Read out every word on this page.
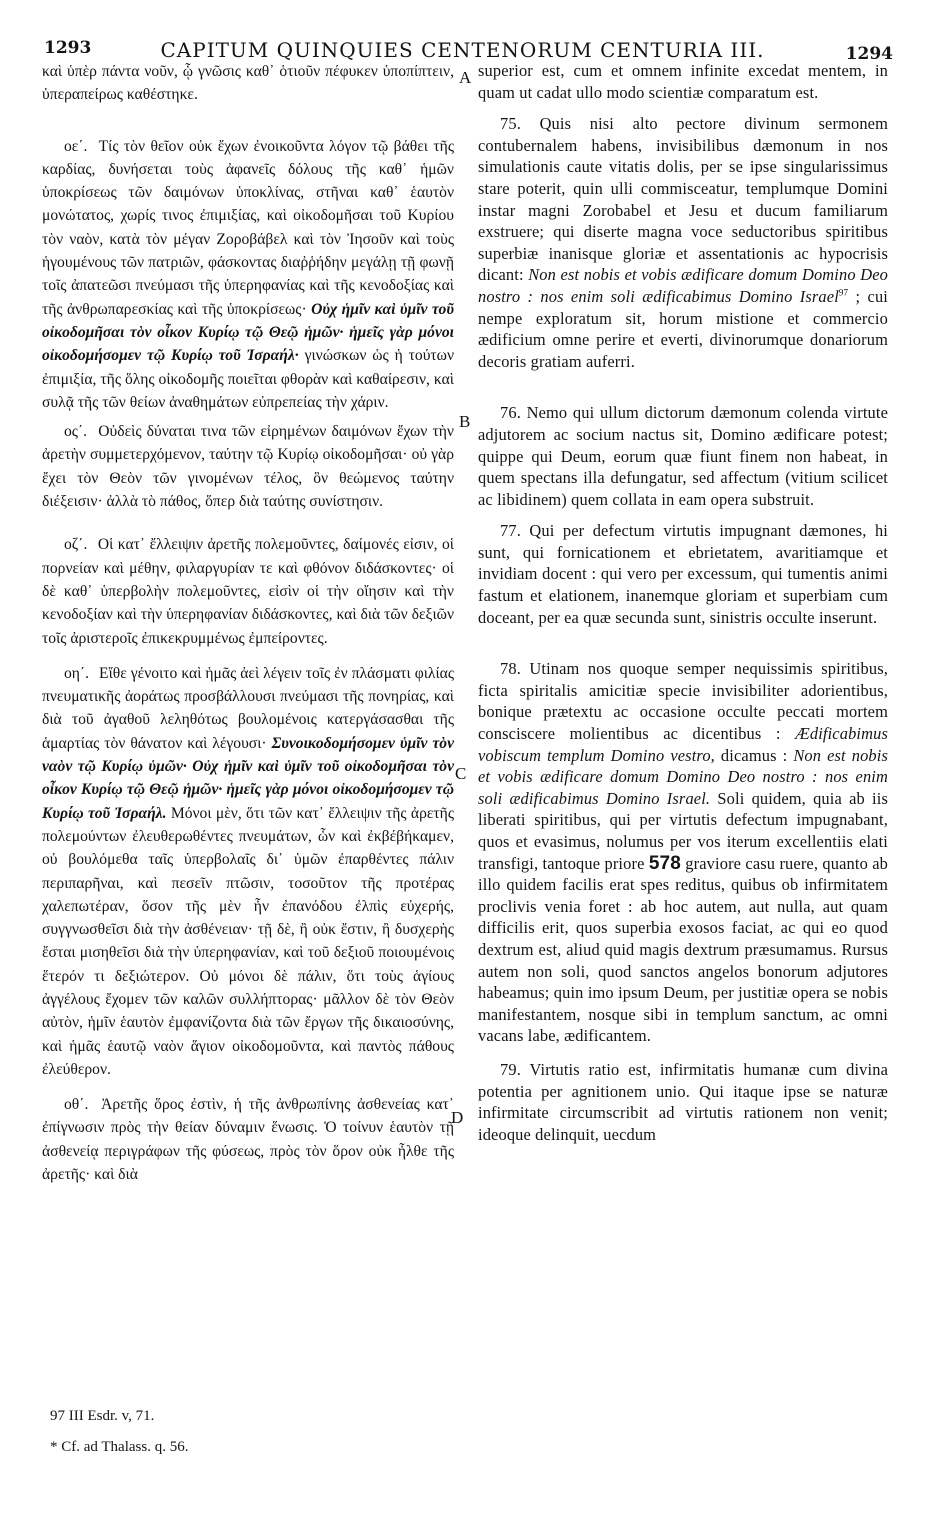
1293	CAPITUM QUINQUIES CENTENORUM CENTURIA III.	1294
A
B
C
D

καὶ ὑπὲρ πάντα νοῦν, ᾧ γνῶσις καθ᾽ ὁτιοῦν πέφυκεν ὑποπίπτειν, ὑπεραπείρως καθέστηκε.

οε΄. Τίς τὸν θεῖον οὐκ ἔχων ἐνοικοῦντα λόγον τῷ βάθει τῆς καρδίας, δυνήσεται τοὺς ἀφανεῖς δόλους τῆς καθ᾽ ἡμῶν ὑποκρίσεως τῶν δαιμόνων ὑποκλίνας, στῆναι καθ᾽ ἑαυτὸν μονώτατος, χωρίς τινος ἐπιμιξίας, καὶ οἰκοδομῆσαι τοῦ Κυρίου τὸν ναὸν, κατὰ τὸν μέγαν Ζοροβάβελ καὶ τὸν Ἰησοῦν καὶ τοὺς ἡγουμένους τῶν πατριῶν, φάσκοντας διαῤῥήδην μεγάλῃ τῇ φωνῇ τοῖς ἀπατεῶσι πνεύμασι τῆς ὑπερηφανίας καὶ τῆς κενοδοξίας καὶ τῆς ἀνθρωπαρεσκίας καὶ τῆς ὑποκρίσεως· Οὐχ ἡμῖν καὶ ὑμῖν τοῦ οἰκοδομῆσαι τὸν οἶκον Κυρίῳ τῷ Θεῷ ἡμῶν· ἡμεῖς γὰρ μόνοι οἰκοδομήσομεν τῷ Κυρίῳ τοῦ Ἰσραήλ· γινώσκων ὡς ἡ τούτων ἐπιμιξία, τῆς ὅλης οἰκοδομῆς ποιεῖται φθορὰν καὶ καθαίρεσιν, καὶ συλᾷ τῆς τῶν θείων ἀναθημάτων εὐπρεπείας τὴν χάριν.

ος΄. Οὐδεὶς δύναται τινα τῶν εἰρημένων δαιμόνων ἔχων τὴν ἀρετὴν συμμετερχόμενον, ταύτην τῷ Κυρίῳ οἰκοδομῆσαι· οὐ γὰρ ἔχει τὸν Θεὸν τῶν γινομένων τέλος, ὃν θεώμενος ταύτην διέξεισιν· ἀλλὰ τὸ πάθος, ὅπερ διὰ ταύτης συνίστησιν.

οζ΄. Οἱ κατ᾽ ἔλλειψιν ἀρετῆς πολεμοῦντες, δαίμονές εἰσιν, οἱ πορνείαν καὶ μέθην, φιλαργυρίαν τε καὶ φθόνον διδάσκοντες· οἱ δὲ καθ᾽ ὑπερβολὴν πολεμοῦντες, εἰσὶν οἱ τὴν οἴησιν καὶ τὴν κενοδοξίαν καὶ τὴν ὑπερηφανίαν διδάσκοντες, καὶ διὰ τῶν δεξιῶν τοῖς ἀριστεροῖς ἐπικεκρυμμένως ἐμπείροντες.

οη΄. Εἴθε γένοιτο καὶ ἡμᾶς ἀεὶ λέγειν τοῖς ἐν πλάσματι φιλίας πνευματικῆς ἀοράτως προσβάλλουσι πνεύμασι τῆς πονηρίας, καὶ διὰ τοῦ ἀγαθοῦ λεληθότως βουλομένοις κατεργάσασθαι τῆς ἁμαρτίας τὸν θάνατον καὶ λέγουσι· Συνοικοδομήσομεν ὑμῖν τὸν ναὸν τῷ Κυρίῳ ὑμῶν· Οὐχ ἡμῖν καὶ ὑμῖν τοῦ οἰκοδομῆσαι τὸν οἶκον Κυρίῳ τῷ Θεῷ ἡμῶν· ἡμεῖς γὰρ μόνοι οἰκοδομήσομεν τῷ Κυρίῳ τοῦ Ἰσραήλ. Μόνοι μὲν, ὅτι τῶν κατ᾽ ἔλλειψιν τῆς ἀρετῆς πολεμούντων ἐλευθερωθέντες πνευμάτων, ὧν καὶ ἐκβέβήκαμεν, οὐ βουλόμεθα ταῖς ὑπερβολαῖς δι᾽ ὑμῶν ἐπαρθέντες πάλιν περιπαρῆναι, καὶ πεσεῖν πτῶσιν, τοσοῦτον τῆς προτέρας χαλεπωτέραν, ὅσον τῆς μὲν ἦν ἐπανόδου ἐλπὶς εὐχερής, συγγνωσθεῖσι διὰ τὴν ἀσθένειαν· τῇ δὲ, ἢ οὐκ ἔστιν, ἢ δυσχερὴς ἔσται μισηθεῖσι διὰ τὴν ὑπερηφανίαν, καὶ τοῦ δεξιοῦ ποιουμένοις ἕτερόν τι δεξιώτερον. Οὐ μόνοι δὲ πάλιν, ὅτι τοὺς ἁγίους ἀγγέλους ἔχομεν τῶν καλῶν συλλήπτορας· μᾶλλον δὲ τὸν Θεὸν αὐτὸν, ἡμῖν ἑαυτὸν ἐμφανίζοντα διὰ τῶν ἔργων τῆς δικαιοσύνης, καὶ ἡμᾶς ἑαυτῷ ναὸν ἅγιον οἰκοδομοῦντα, καὶ παντὸς πάθους ἐλεύθερον.

οθ΄. Ἀρετῆς ὅρος ἐστὶν, ἡ τῆς ἀνθρωπίνης ἀσθενείας κατ᾽ ἐπίγνωσιν πρὸς τὴν θείαν δύναμιν ἕνωσις. Ὁ τοίνυν ἑαυτὸν τῇ ἀσθενείᾳ περιγράφων τῆς φύσεως, πρὸς τὸν ὅρον οὐκ ἦλθε τῆς ἀρετῆς· καὶ διὰ

superior est, cum et omnem infinite excedat mentem, in quam ut cadat ullo modo scientiæ comparatum est.

75. Quis nisi alto pectore divinum sermonem contubernalem habens, invisibilibus dæmonum in nos simulationis caute vitatis dolis, per se ipse singularissimus stare poterit, quin ulli commisceatur, templumque Domini instar magni Zorobabel et Jesu et ducum familiarum exstruere; qui diserte magna voce seductoribus spiritibus superbiæ inanisque gloriæ et assentationis ac hypocrisis dicant: Non est nobis et vobis ædificare domum Domino Deo nostro : nos enim soli ædificabimus Domino Israel$^{97}$ ; cui nempe exploratum sit, horum mistione et commercio ædificium omne perire et everti, divinorumque donariorum decoris gratiam auferri.

76. Nemo qui ullum dictorum dæmonum colenda virtute adjutorem ac socium nactus sit, Domino ædificare potest; quippe qui Deum, eorum quæ fiunt finem non habeat, in quem spectans illa defungatur, sed affectum (vitium scilicet ac libidinem) quem collata in eam opera substruit.

77. Qui per defectum virtutis impugnant dæmones, hi sunt, qui fornicationem et ebrietatem, avaritiamque et invidiam docent : qui vero per excessum, qui tumentis animi fastum et elationem, inanemque gloriam et superbiam cum doceant, per ea quæ secunda sunt, sinistris occulte inserunt.

78. Utinam nos quoque semper nequissimis spiritibus, ficta spiritalis amicitiæ specie invisibiliter adorientibus, bonique prætextu ac occasione occulte peccati mortem consciscere molientibus ac dicentibus : Ædificabimus vobiscum templum Domino vestro, dicamus : Non est nobis et vobis ædificare domum Domino Deo nostro : nos enim soli ædificabimus Domino Israel. Soli quidem, quia ab iis liberati spiritibus, qui per virtutis defectum impugnabant, quos et evasimus, nolumus per vos iterum excellentiis elati transfigi, tantoque priore 578 graviore casu ruere, quanto ab illo quidem facilis erat spes reditus, quibus ob infirmitatem proclivis venia foret : ab hoc autem, aut nulla, aut quam difficilis erit, quos superbia exosos faciat, ac qui eo quod dextrum est, aliud quid magis dextrum præsumamus. Rursus autem non soli, quod sanctos angelos bonorum adjutores habeamus; quin imo ipsum Deum, per justitiæ opera se nobis manifestantem, nosque sibi in templum sanctum, ac omni vacans labe, ædificantem.

79. Virtutis ratio est, infirmitatis humanæ cum divina potentia per agnitionem unio. Qui itaque ipse se naturæ infirmitate circumscribit ad virtutis rationem non venit; ideoque delinquit, uecdum

97 III Esdr. v, 71.

* Cf. ad Thalass. q. 56.
